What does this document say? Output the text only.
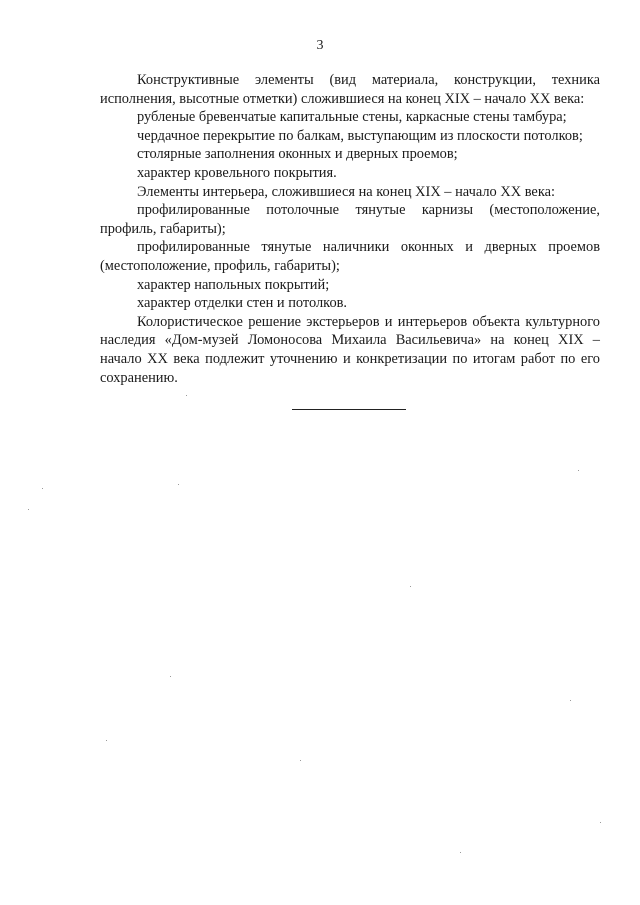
3

Конструктивные элементы (вид материала, конструкции, техника исполнения, высотные отметки) сложившиеся на конец XIX – начало XX века:

рубленые бревенчатые капитальные стены, каркасные стены тамбура;

чердачное перекрытие по балкам, выступающим из плоскости потолков;

столярные заполнения оконных и дверных проемов;

характер кровельного покрытия.

Элементы интерьера, сложившиеся на конец XIX – начало XX века:

профилированные потолочные тянутые карнизы (местоположение, профиль, габариты);

профилированные тянутые наличники оконных и дверных проемов (местоположение, профиль, габариты);

характер напольных покрытий;

характер отделки стен и потолков.

Колористическое решение экстерьеров и интерьеров объекта культурного наследия «Дом-музей Ломоносова Михаила Васильевича» на конец XIX – начало XX века подлежит уточнению и конкретизации по итогам работ по его сохранению.
